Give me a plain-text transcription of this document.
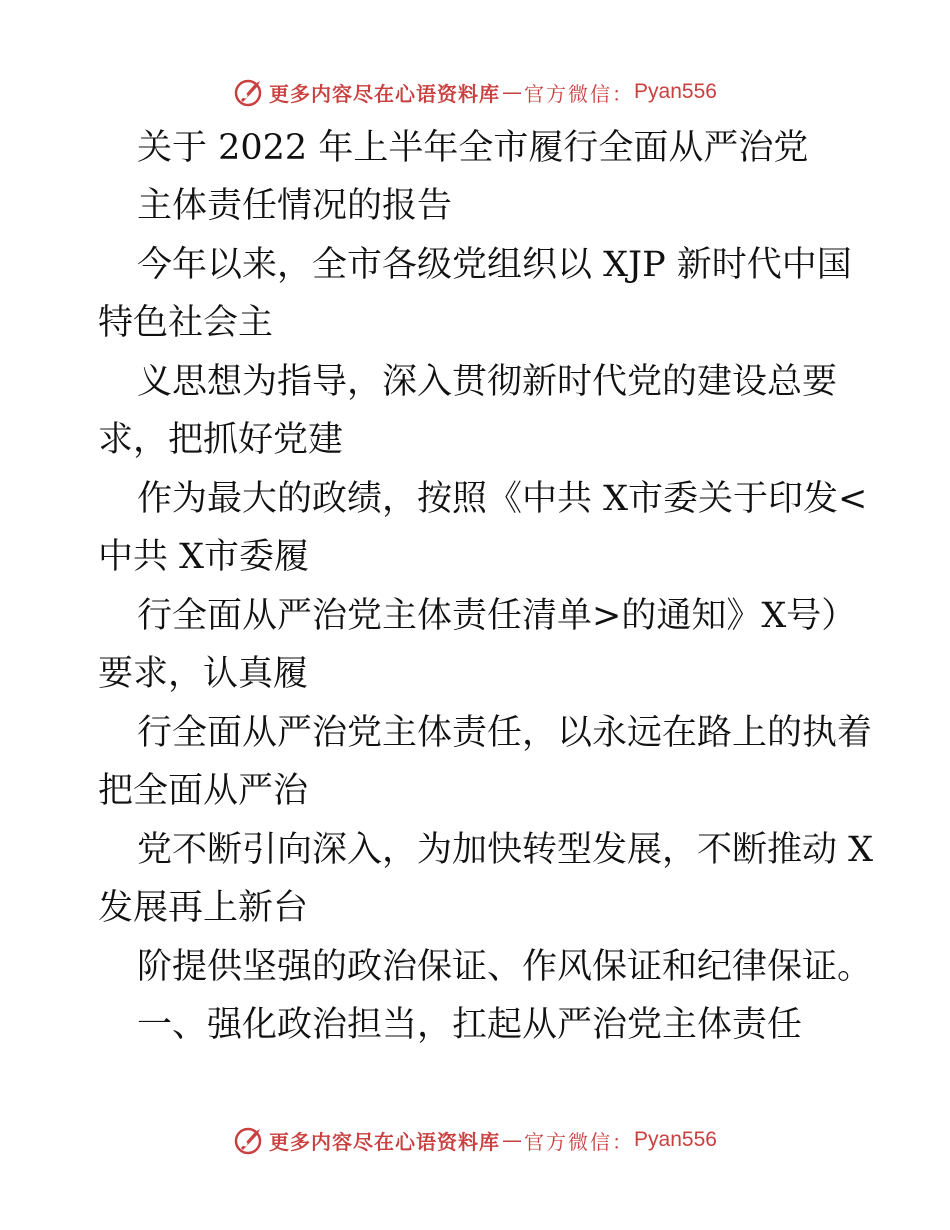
更多内容尽在心语资料库 — 官方微信： Pyan556
关于 2022 年上半年全市履行全面从严治党
主体责任情况的报告
今年以来，全市各级党组织以 XJP 新时代中国
特色社会主
义思想为指导，深入贯彻新时代党的建设总要
求，把抓好党建
作为最大的政绩，按照《中共 X市委关于印发<
中共 X市委履
行全面从严治党主体责任清单>的通知》X号）
要求，认真履
行全面从严治党主体责任，以永远在路上的执着
把全面从严治
党不断引向深入，为加快转型发展，不断推动 X
发展再上新台
阶提供坚强的政治保证、作风保证和纪律保证。
一、强化政治担当，扛起从严治党主体责任
更多内容尽在心语资料库 — 官方微信： Pyan556
